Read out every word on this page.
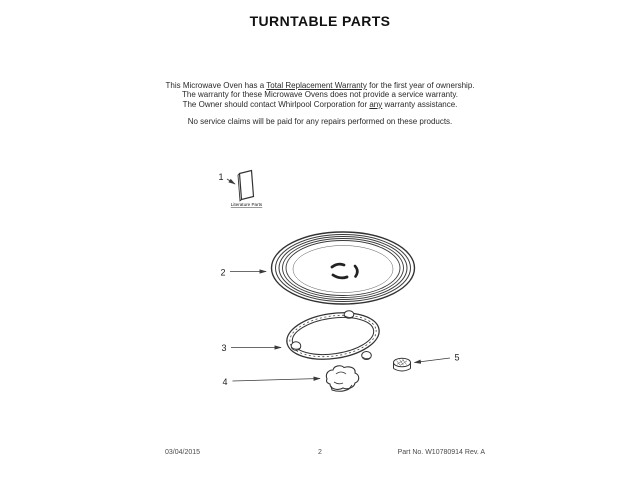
TURNTABLE PARTS

This Microwave Oven has a Total Replacement Warranty for the first year of ownership.

The warranty for these Microwave Ovens does not provide a service warranty.

The Owner should contact Whirlpool Corporation for any warranty assistance.

No service claims will be paid for any repairs performed on these products.

1
Literature Parts
2
3
4
5
03/04/2015	2	Part No. W10780914 Rev. A
